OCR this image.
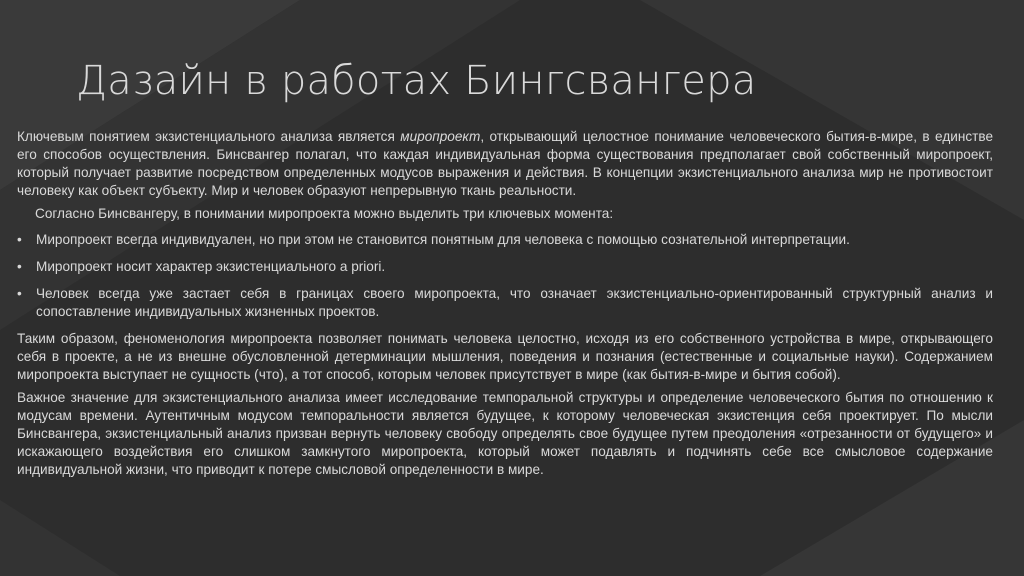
Дазайн в работах Бингсвангера

Ключевым понятием экзистенциального анализа является миропроект, открывающий целостное понимание человеческого бытия-в-мире, в единстве его способов осуществления. Бинсвангер полагал, что каждая индивидуальная форма существования предполагает свой собственный миропроект, который получает развитие посредством определенных модусов выражения и действия. В концепции экзистенциального анализа мир не противостоит человеку как объект субъекту. Мир и человек образуют непрерывную ткань реальности.

Согласно Бинсвангеру, в понимании миропроекта можно выделить три ключевых момента:

• Миропроект всегда индивидуален, но при этом не становится понятным для человека с помощью сознательной интерпретации.
• Миропроект носит характер экзистенциального a priori.
• Человек всегда уже застает себя в границах своего миропроекта, что означает экзистенциально-ориентированный структурный анализ и сопоставление индивидуальных жизненных проектов.

Таким образом, феноменология миропроекта позволяет понимать человека целостно, исходя из его собственного устройства в мире, открывающего себя в проекте, а не из внешне обусловленной детерминации мышления, поведения и познания (естественные и социальные науки). Содержанием миропроекта выступает не сущность (что), а тот способ, которым человек присутствует в мире (как бытия-в-мире и бытия собой).

Важное значение для экзистенциального анализа имеет исследование темпоральной структуры и определение человеческого бытия по отношению к модусам времени. Аутентичным модусом темпоральности является будущее, к которому человеческая экзистенция себя проектирует. По мысли Бинсвангера, экзистенциальный анализ призван вернуть человеку свободу определять свое будущее путем преодоления «отрезанности от будущего» и искажающего воздействия его слишком замкнутого миропроекта, который может подавлять и подчинять себе все смысловое содержание индивидуальной жизни, что приводит к потере смысловой определенности в мире.
